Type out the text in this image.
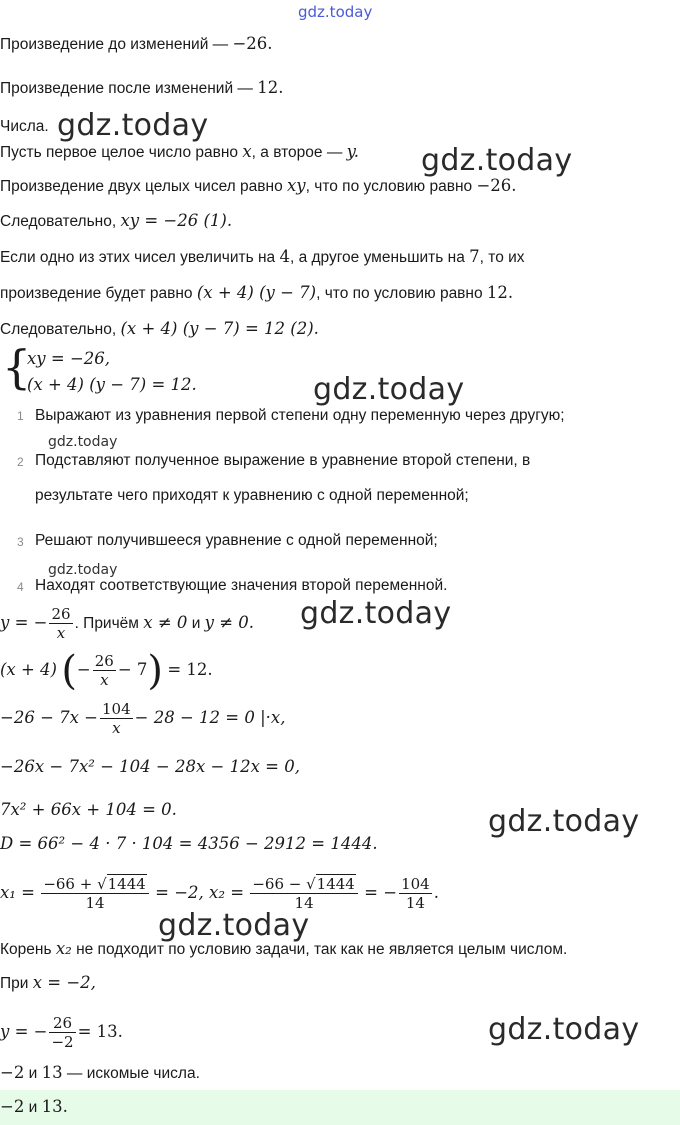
gdz.today
gdz.today
gdz.today
gdz.today
gdz.today
gdz.today
gdz.today
gdz.today
gdz.today
gdz.today
Произведение до изменений — −26.
Произведение после изменений — 12.
Числа.
Пусть первое целое число равно x, а второе — y.
Произведение двух целых чисел равно xy, что по условию равно −26.
Следовательно, xy = −26 (1).
Если одно из этих чисел увеличить на 4, а другое уменьшить на 7, то их
произведение будет равно (x + 4) (y − 7), что по условию равно 12.
Следовательно, (x + 4) (y − 7) = 12 (2).
{
xy = −26,
(x + 4) (y − 7) = 12.
1 Выражают из уравнения первой степени одну переменную через другую;
2 Подставляют полученное выражение в уравнение второй степени, в
результате чего приходят к уравнению с одной переменной;
3 Решают получившееся уравнение с одной переменной;
4 Находят соответствующие значения второй переменной.
y = − $\frac{26}{x}$ . Причём x ≠ 0 и y ≠ 0.
(x + 4) (− $\frac{26}{x} - 7) = 12$.
$-26 - 7x - \frac{104}{x} - 28 - 12 = 0$ |·x,
−26x − 7x² − 104 − 28x − 12x = 0,
7x² + 66x + 104 = 0.
D = 66² − 4 · 7 · 104 = 4356 − 2912 = 1444.
$x_1 = \frac{-66 + √1444}{14} = -2$, $x_2 = \frac{-66 - √1444}{14}$ = − $\frac{104}{14}$ .
Корень x₂ не подходит по условию задачи, так как не является целым числом.
При x = −2,
y = − $\frac{26}{-2} = 13$.
−2 и 13 — искомые числа.
−2 и 13.
